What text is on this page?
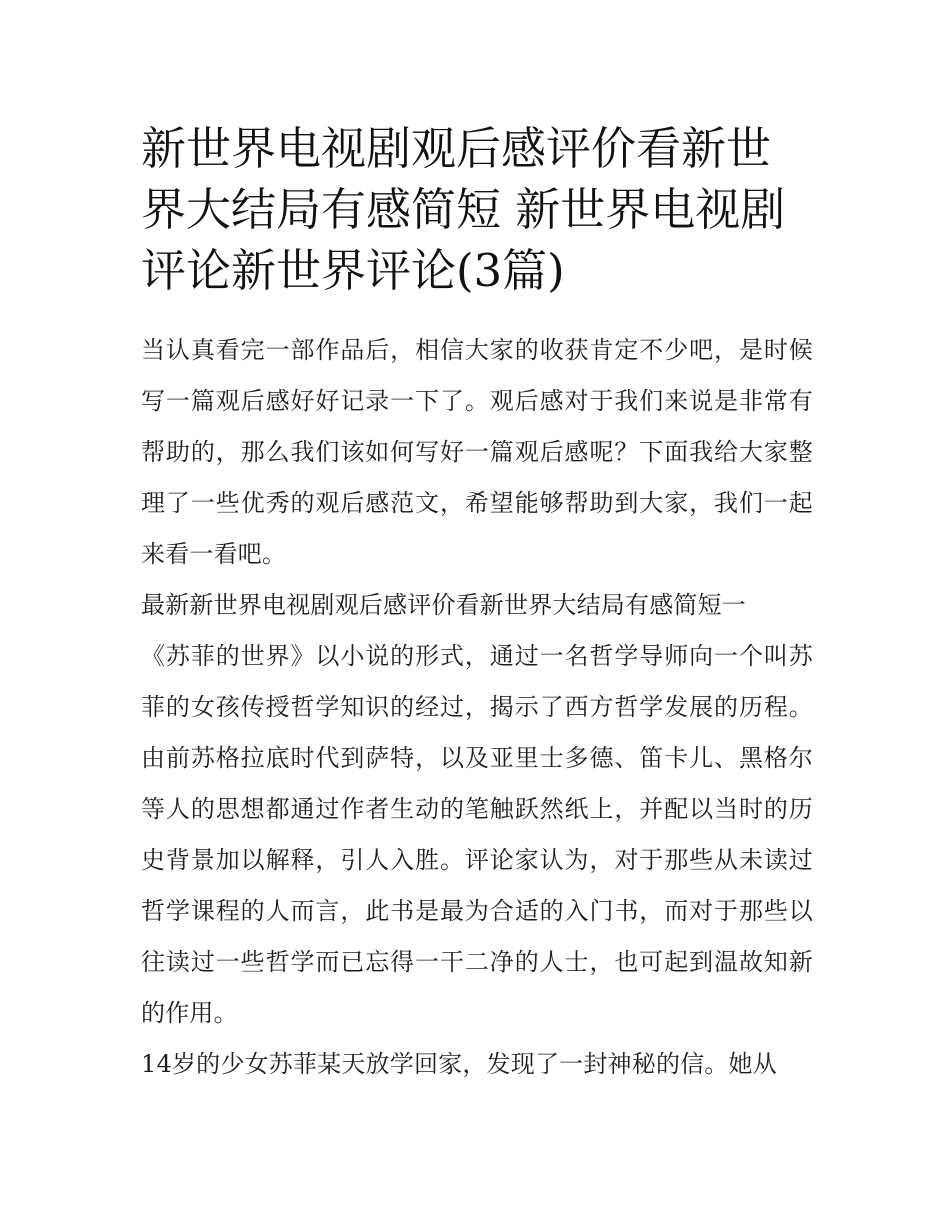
新世界电视剧观后感评价看新世界大结局有感简短 新世界电视剧评论新世界评论(3篇)

当认真看完一部作品后，相信大家的收获肯定不少吧，是时候写一篇观后感好好记录一下了。观后感对于我们来说是非常有帮助的，那么我们该如何写好一篇观后感呢？下面我给大家整理了一些优秀的观后感范文，希望能够帮助到大家，我们一起来看一看吧。

最新新世界电视剧观后感评价看新世界大结局有感简短一

《苏菲的世界》以小说的形式，通过一名哲学导师向一个叫苏菲的女孩传授哲学知识的经过，揭示了西方哲学发展的历程。由前苏格拉底时代到萨特，以及亚里士多德、笛卡儿、黑格尔等人的思想都通过作者生动的笔触跃然纸上，并配以当时的历史背景加以解释，引人入胜。评论家认为，对于那些从未读过哲学课程的人而言，此书是最为合适的入门书，而对于那些以往读过一些哲学而已忘得一干二净的人士，也可起到温故知新的作用。

14岁的少女苏菲某天放学回家，发现了一封神秘的信。她从
